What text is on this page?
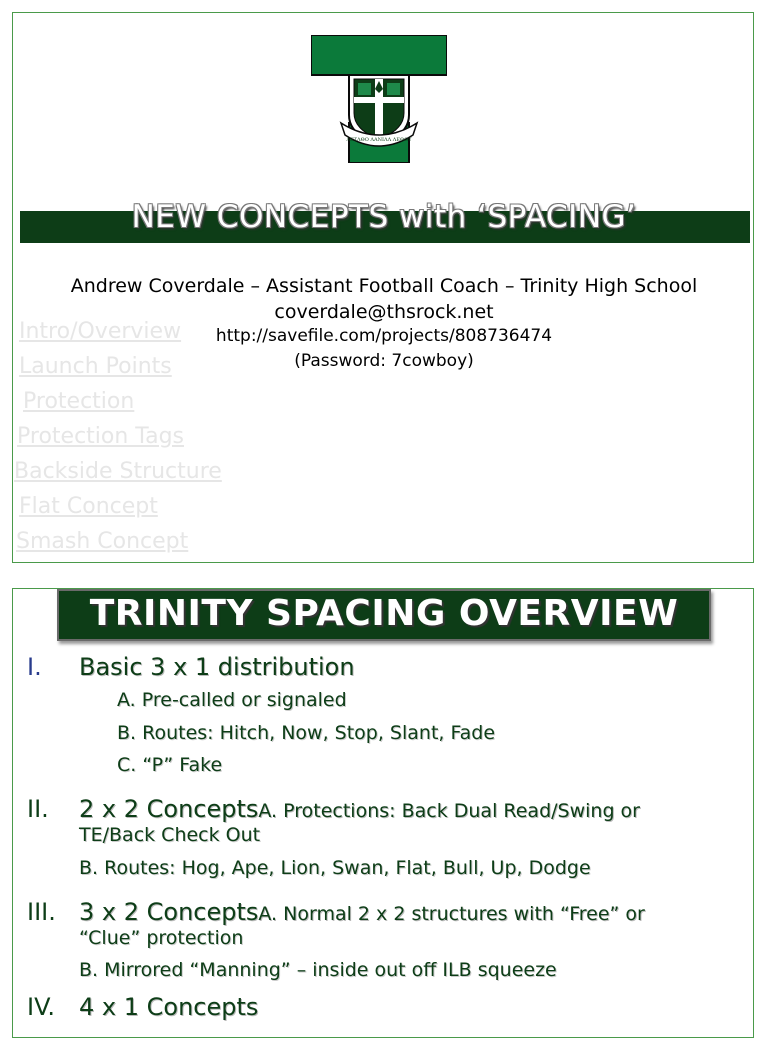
ΛΕΤΛΘΟ ΛΑΝΙΛΛ ΛΕΘΟΥ
NEW CONCEPTS with ‘SPACING’
Andrew Coverdale – Assistant Football Coach – Trinity High School
coverdale@thsrock.net
http://savefile.com/projects/808736474
(Password: 7cowboy)
Intro/Overview
Launch Points
Protection
Protection Tags
Backside Structure
Flat Concept
Smash Concept
TRINITY SPACING OVERVIEW
I. Basic 3 x 1 distribution
A. Pre-called or signaled
B. Routes: Hitch, Now, Stop, Slant, Fade
C. “P” Fake
II. 2 x 2 ConceptsA. Protections: Back Dual Read/Swing or
TE/Back Check Out
B. Routes: Hog, Ape, Lion, Swan, Flat, Bull, Up, Dodge
III. 3 x 2 ConceptsA. Normal 2 x 2 structures with “Free” or
“Clue” protection
B. Mirrored “Manning” – inside out off ILB squeeze
IV. 4 x 1 Concepts
